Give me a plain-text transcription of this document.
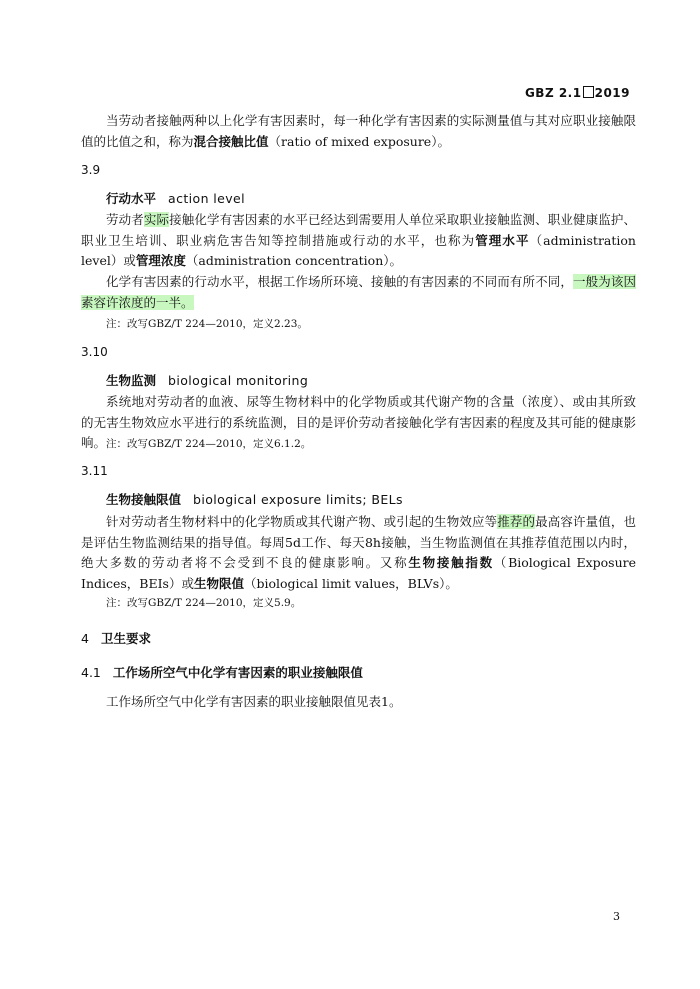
GBZ 2.1 2019
当劳动者接触两种以上化学有害因素时，每一种化学有害因素的实际测量值与其对应职业接触限值的比值之和，称为混合接触比值（ratio of mixed exposure）。
3.9
行动水平 action level
劳动者实际接触化学有害因素的水平已经达到需要用人单位采取职业接触监测、职业健康监护、职业卫生培训、职业病危害告知等控制措施或行动的水平，也称为管理水平（administration level）或管理浓度（administration concentration）。
化学有害因素的行动水平，根据工作场所环境、接触的有害因素的不同而有所不同，一般为该因素容许浓度的一半。
注：改写GBZ/T 224—2010，定义2.23。
3.10
生物监测 biological monitoring
系统地对劳动者的血液、尿等生物材料中的化学物质或其代谢产物的含量（浓度）、或由其所致的无害生物效应水平进行的系统监测，目的是评价劳动者接触化学有害因素的程度及其可能的健康影响。 注：改写GBZ/T 224—2010，定义6.1.2。
3.11
生物接触限值 biological exposure limits; BELs
针对劳动者生物材料中的化学物质或其代谢产物、或引起的生物效应等推荐的最高容许量值，也是评估生物监测结果的指导值。每周5d工作、每天8h接触，当生物监测值在其推荐值范围以内时，绝大多数的劳动者将不会受到不良的健康影响。又称生物接触指数（Biological Exposure Indices，BEIs）或生物限值（biological limit values，BLVs）。
注：改写GBZ/T 224—2010，定义5.9。
4 卫生要求
4.1 工作场所空气中化学有害因素的职业接触限值
工作场所空气中化学有害因素的职业接触限值见表1。
3
